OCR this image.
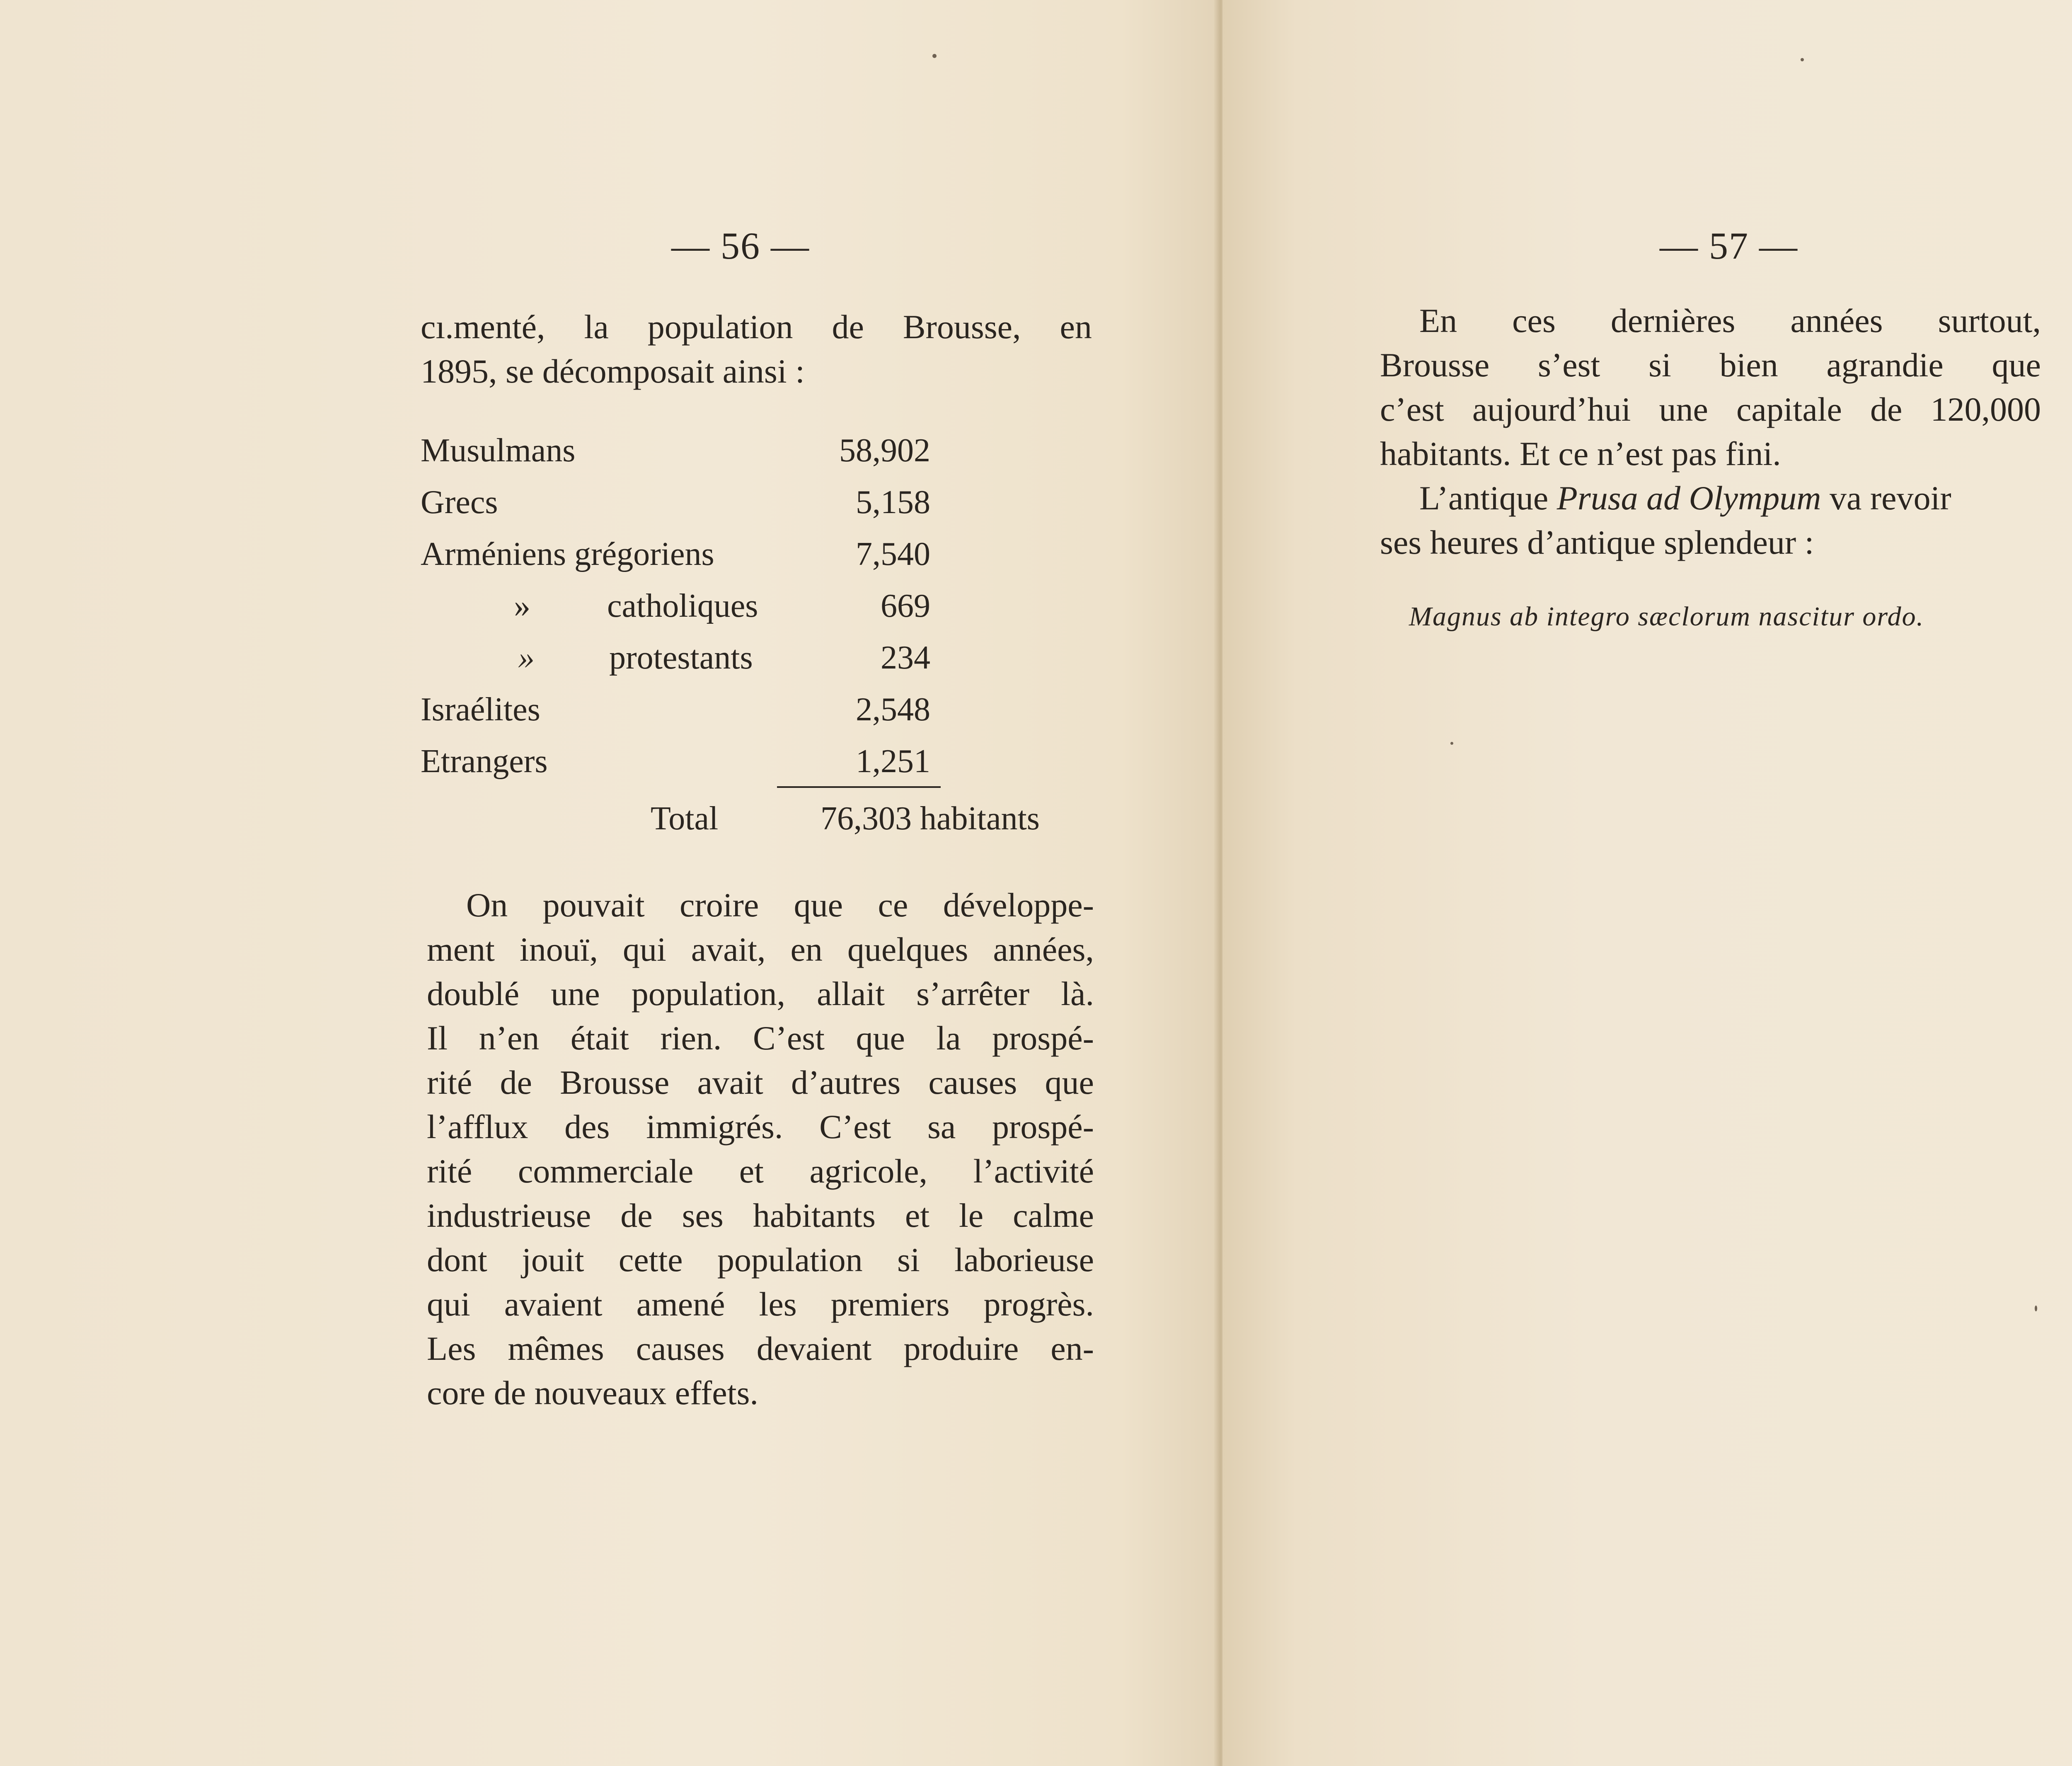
— 56 —
cı.menté, la population de Brousse, en
1895, se décomposait ainsi :
Musulmans	58,902
Grecs	5,158
Arméniens grégoriens	7,540
» catholiques	669
» protestants	234
Israélites	2,548
Etrangers	1,251
Total	76,303 habitants
On pouvait croire que ce développe-
ment inouï, qui avait, en quelques années,
doublé une population, allait s’arrêter là.
Il n’en était rien. C’est que la prospé-
rité de Brousse avait d’autres causes que
l’afflux des immigrés. C’est sa prospé-
rité commerciale et agricole, l’activité
industrieuse de ses habitants et le calme
dont jouit cette population si laborieuse
qui avaient amené les premiers progrès.
Les mêmes causes devaient produire en-
core de nouveaux effets.
— 57 —
En ces dernières années surtout,
Brousse s’est si bien agrandie que
c’est aujourd’hui une capitale de 120,000
habitants. Et ce n’est pas fini.
L’antique Prusa ad Olympum va revoir
ses heures d’antique splendeur :
Magnus ab integro sæclorum nascitur ordo.
